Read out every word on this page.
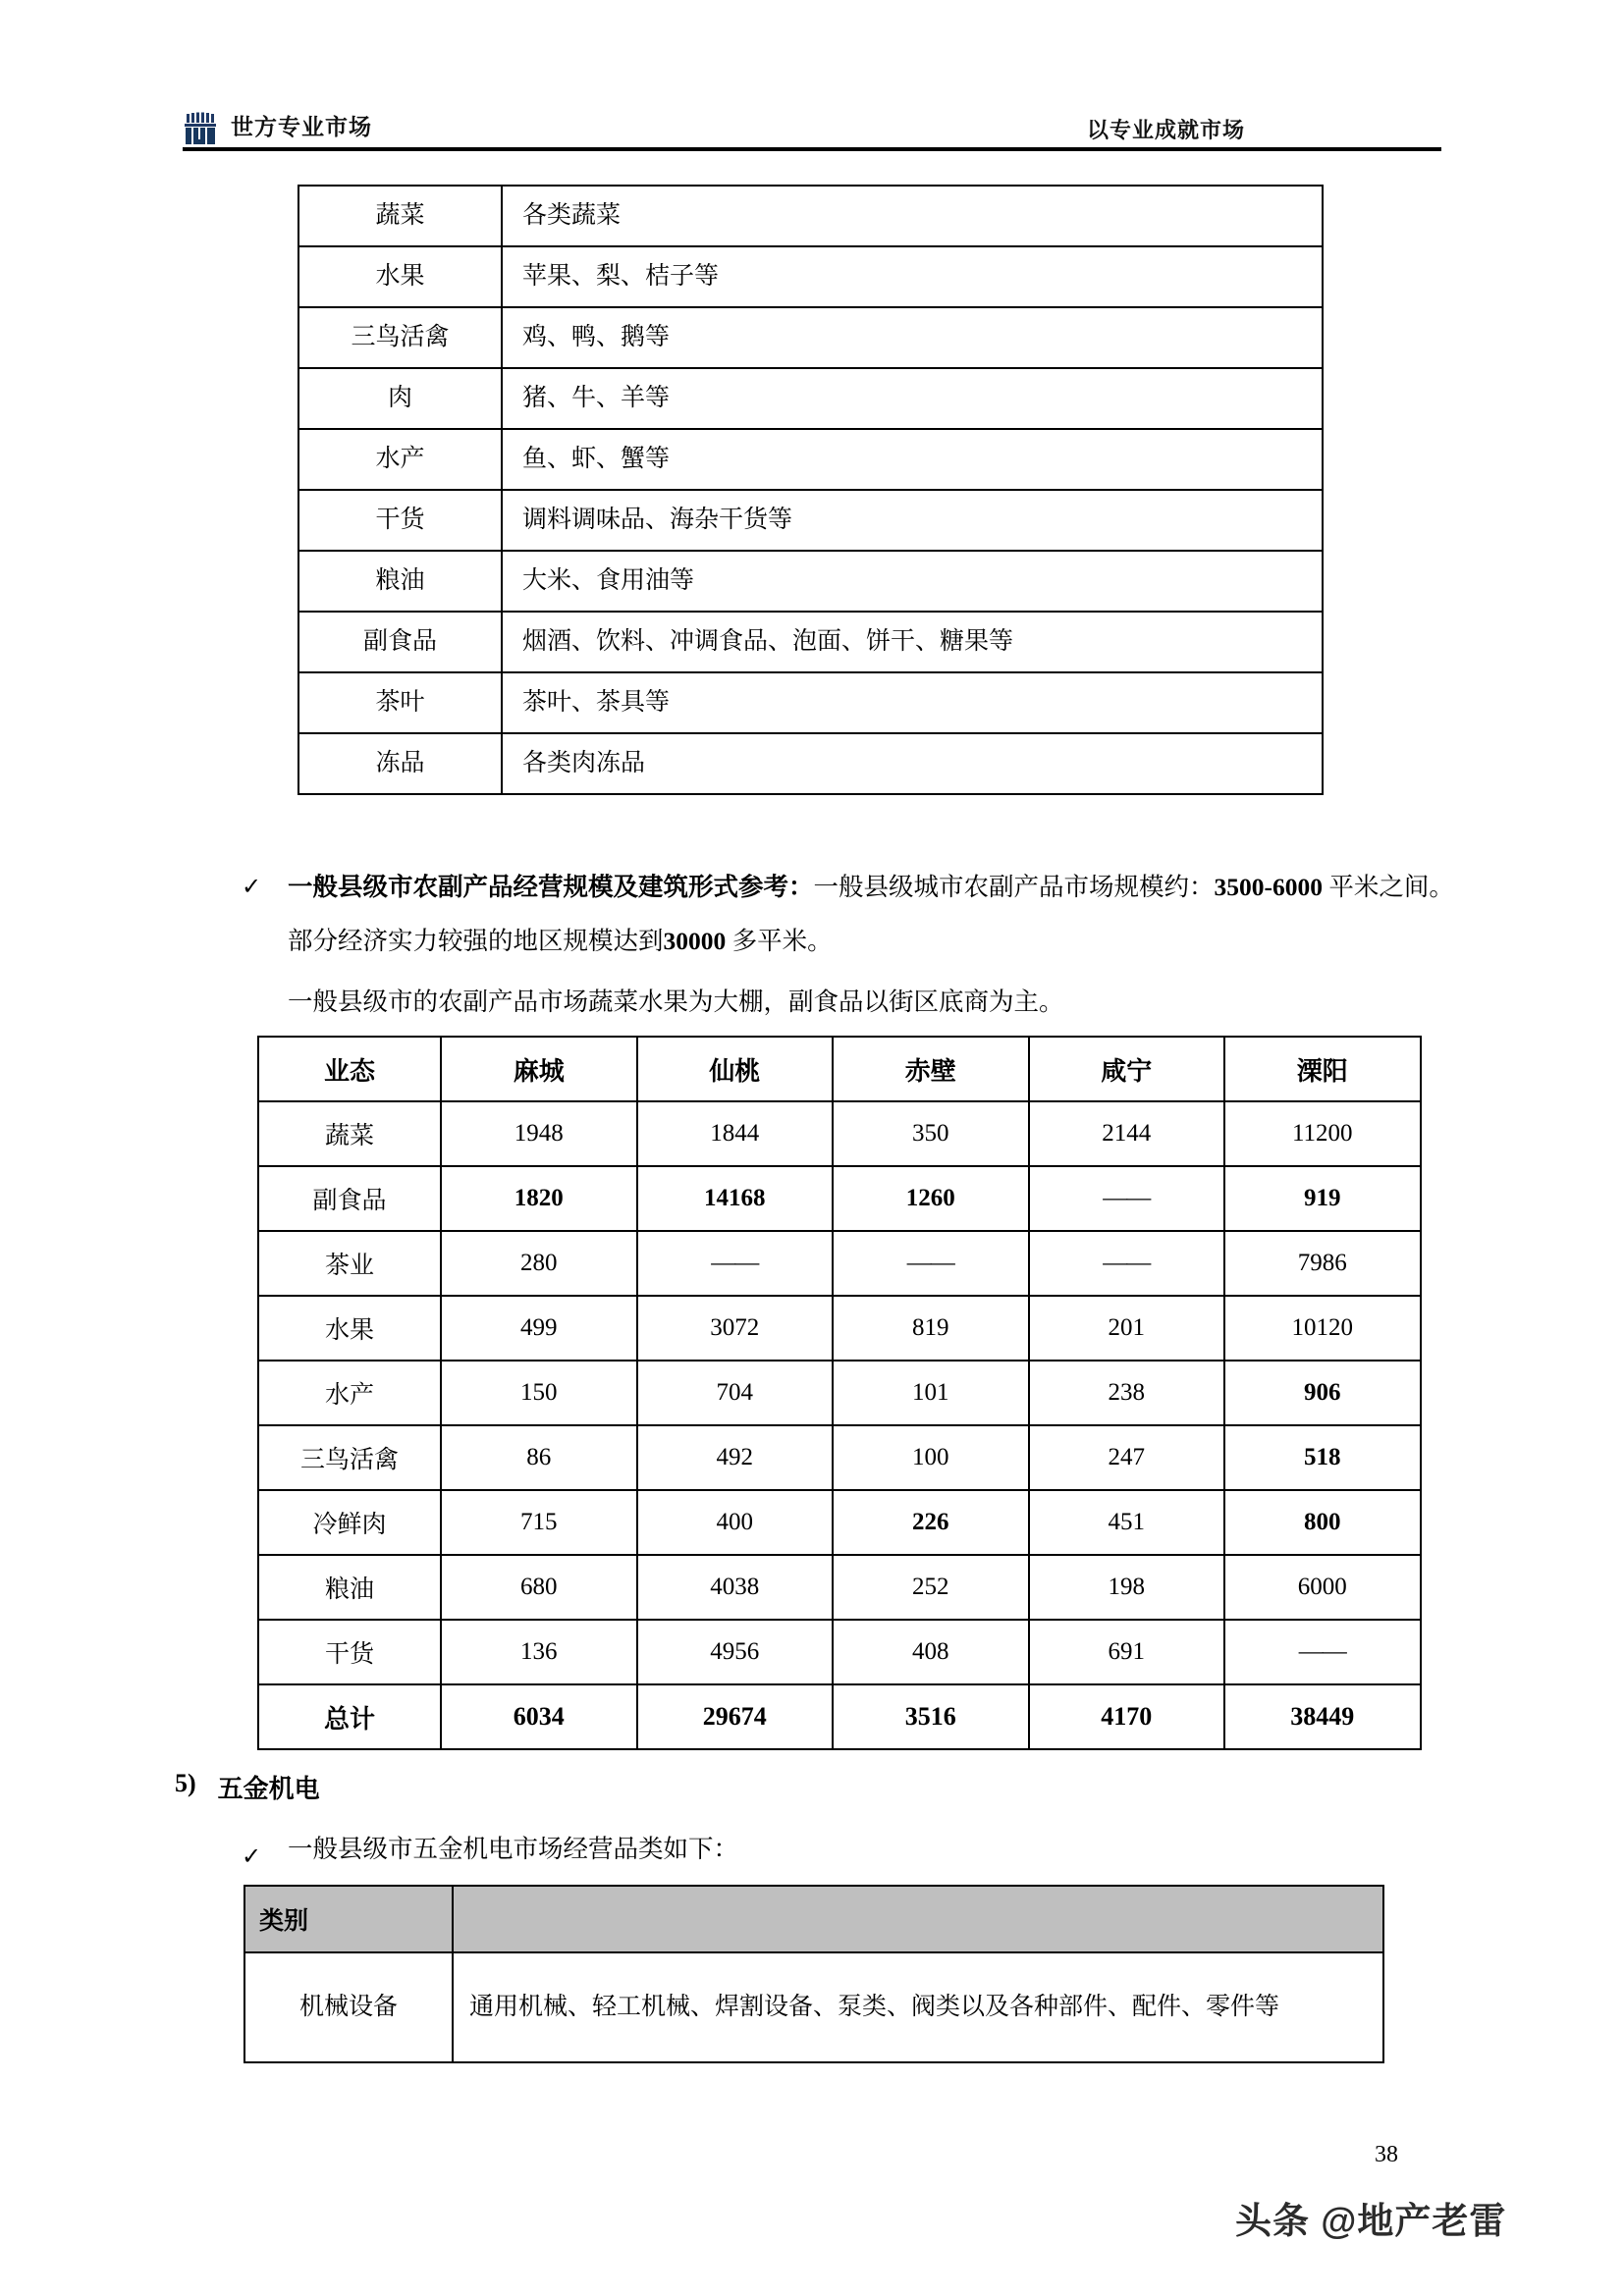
世方专业市场	以专业成就市场
蔬菜	各类蔬菜
水果	苹果、梨、桔子等
三鸟活禽	鸡、鸭、鹅等
肉	猪、牛、羊等
水产	鱼、虾、蟹等
干货	调料调味品、海杂干货等
粮油	大米、食用油等
副食品	烟酒、饮料、冲调食品、泡面、饼干、糖果等
茶叶	茶叶、茶具等
冻品	各类肉冻品
✓	一般县级市农副产品经营规模及建筑形式参考：一般县级城市农副产品市场规模约：3500-6000 平米之间。部分经济实力较强的地区规模达到30000 多平米。
一般县级市的农副产品市场蔬菜水果为大棚，副食品以街区底商为主。
业态	麻城	仙桃	赤壁	咸宁	溧阳
蔬菜	1948	1844	350	2144	11200
副食品	1820	14168	1260	——	919
茶业	280	——	——	——	7986
水果	499	3072	819	201	10120
水产	150	704	101	238	906
三鸟活禽	86	492	100	247	518
冷鲜肉	715	400	226	451	800
粮油	680	4038	252	198	6000
干货	136	4956	408	691	——
总计	6034	29674	3516	4170	38449
5) 五金机电
✓	一般县级市五金机电市场经营品类如下：
类别	
机械设备	通用机械、轻工机械、焊割设备、泵类、阀类以及各种部件、配件、零件等
38
头条 @地产老雷
